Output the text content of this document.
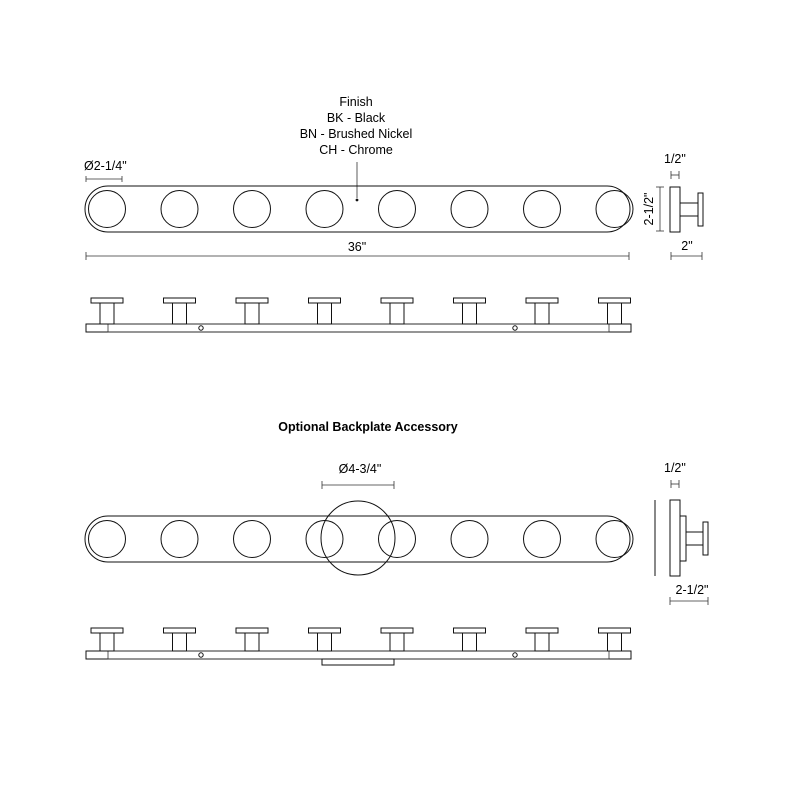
Finish
BK - Black
BN - Brushed Nickel
CH - Chrome
Ø2-1/4"
36"
1/2"
2-1/2"
2"
Optional Backplate Accessory
Ø4-3/4"	1/2"
2-1/2"
